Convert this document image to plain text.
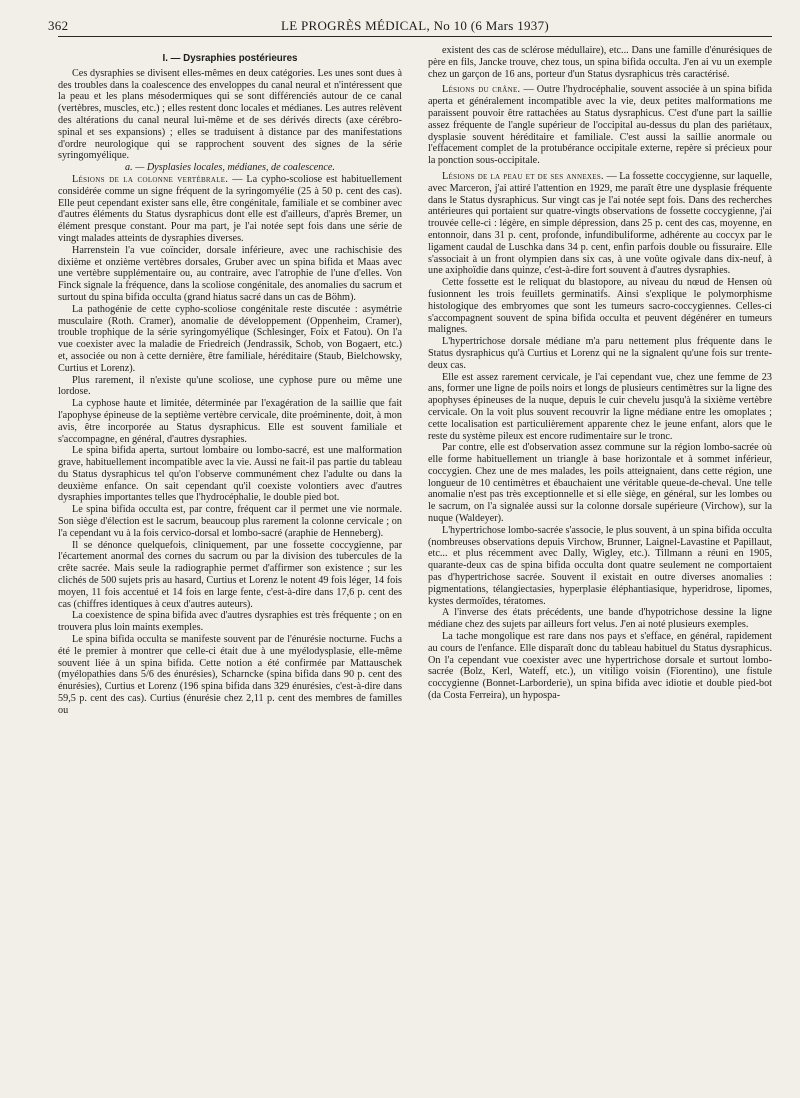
362	LE PROGRÈS MÉDICAL, No 10 (6 Mars 1937)
I. — Dysraphies postérieures

Ces dysraphies se divisent elles-mêmes en deux catégories. Les unes sont dues à des troubles dans la coalescence des enveloppes du canal neural et n'intéressent que la peau et les plans mésodermiques qui se sont différenciés autour de ce canal (vertèbres, muscles, etc.) ; elles restent donc locales et médianes. Les autres relèvent des altérations du canal neural lui-même et de ses dérivés directs (axe cérébro-spinal et ses expansions) ; elles se traduisent à distance par des manifestations d'ordre neurologique qui se rapprochent souvent des signes de la série syringomyélique.

a. — Dysplasies locales, médianes, de coalescence.

Lésions de la colonne vertébrale. — La cypho-scoliose est habituellement considérée comme un signe fréquent de la syringomyélie (25 à 50 p. cent des cas). Elle peut cependant exister sans elle, être congénitale, familiale et se combiner avec d'autres éléments du Status dysraphicus dont elle est d'ailleurs, d'après Bremer, un élément presque constant. Pour ma part, je l'ai notée sept fois dans une série de vingt malades atteints de dysraphies diverses.

Harrenstein l'a vue coïncider, dorsale inférieure, avec une rachischisie des dixième et onzième vertèbres dorsales, Gruber avec un spina bifida et Maas avec une vertèbre supplémentaire ou, au contraire, avec l'atrophie de l'une d'elles. Von Finck signale la fréquence, dans la scoliose congénitale, des anomalies du sacrum et surtout du spina bifida occulta (grand hiatus sacré dans un cas de Böhm).

La pathogénie de cette cypho-scoliose congénitale reste discutée : asymétrie musculaire (Roth. Cramer), anomalie de développement (Oppenheim, Cramer), trouble trophique de la série syringomyélique (Schlesinger, Foix et Fatou). On l'a vue coexister avec la maladie de Friedreich (Jendrassik, Schob, von Bogaert, etc.) et, associée ou non à cette dernière, être familiale, héréditaire (Staub, Bielchowsky, Curtius et Lorenz).

Plus rarement, il n'existe qu'une scoliose, une cyphose pure ou même une lordose.

La cyphose haute et limitée, déterminée par l'exagération de la saillie que fait l'apophyse épineuse de la septième vertèbre cervicale, dite proéminente, doit, à mon avis, être incorporée au Status dysraphicus. Elle est souvent familiale et s'accompagne, en général, d'autres dysraphies.

Le spina bifida aperta, surtout lombaire ou lombo-sacré, est une malformation grave, habituellement incompatible avec la vie. Aussi ne fait-il pas partie du tableau du Status dysraphicus tel qu'on l'observe communément chez l'adulte ou dans la deuxième enfance. On sait cependant qu'il coexiste volontiers avec d'autres dysraphies importantes telles que l'hydrocéphalie, le double pied bot.

Le spina bifida occulta est, par contre, fréquent car il permet une vie normale. Son siège d'élection est le sacrum, beaucoup plus rarement la colonne cervicale ; on l'a cependant vu à la fois cervico-dorsal et lombo-sacré (araphie de Henneberg).

Il se dénonce quelquefois, cliniquement, par une fossette coccygienne, par l'écartement anormal des cornes du sacrum ou par la division des tubercules de la crête sacrée. Mais seule la radiographie permet d'affirmer son existence ; sur les clichés de 500 sujets pris au hasard, Curtius et Lorenz le notent 49 fois léger, 14 fois moyen, 11 fois accentué et 14 fois en large fente, c'est-à-dire dans 17,6 p. cent des cas (chiffres identiques à ceux d'autres auteurs).

La coexistence de spina bifida avec d'autres dysraphies est très fréquente ; on en trouvera plus loin maints exemples.

Le spina bifida occulta se manifeste souvent par de l'énurésie nocturne. Fuchs a été le premier à montrer que celle-ci était due à une myélodysplasie, elle-même souvent liée à un spina bifida. Cette notion a été confirmée par Mattauschek (myélopathies dans 5/6 des énurésies), Scharncke (spina bifida dans 90 p. cent des énurésies), Curtius et Lorenz (196 spina bifida dans 329 énurésies, c'est-à-dire dans 59,5 p. cent des cas). Curtius (énurésie chez 2,11 p. cent des membres de familles ou

existent des cas de sclérose médullaire), etc... Dans une famille d'énurésiques de père en fils, Jancke trouve, chez tous, un spina bifida occulta. J'en ai vu un exemple chez un garçon de 16 ans, porteur d'un Status dysraphicus très caractérisé.

Lésions du crâne. — Outre l'hydrocéphalie, souvent associée à un spina bifida aperta et généralement incompatible avec la vie, deux petites malformations me paraissent pouvoir être rattachées au Status dysraphicus. C'est d'une part la saillie assez fréquente de l'angle supérieur de l'occipital au-dessus du plan des pariétaux, dysplasie souvent héréditaire et familiale. C'est aussi la saillie anormale ou l'effacement complet de la protubérance occipitale externe, repère si précieux pour la ponction sous-occipitale.

Lésions de la peau et de ses annexes. — La fossette coccygienne, sur laquelle, avec Marceron, j'ai attiré l'attention en 1929, me paraît être une dysplasie fréquente dans le Status dysraphicus. Sur vingt cas je l'ai notée sept fois. Dans des recherches antérieures qui portaient sur quatre-vingts observations de fossette coccygienne, j'ai trouvée celle-ci : légère, en simple dépression, dans 25 p. cent des cas, moyenne, en entonnoir, dans 31 p. cent, profonde, infundibuliforme, adhérente au coccyx par le ligament caudal de Luschka dans 34 p. cent, enfin parfois double ou fissuraire. Elle s'associait à un front olympien dans six cas, à une voûte ogivale dans dix-neuf, à une axiphoïdie dans quinze, c'est-à-dire fort souvent à d'autres dysraphies.

Cette fossette est le reliquat du blastopore, au niveau du nœud de Hensen où fusionnent les trois feuillets germinatifs. Ainsi s'explique le polymorphisme histologique des embryomes que sont les tumeurs sacro-coccygiennes. Celles-ci s'accompagnent souvent de spina bifida occulta et peuvent dégénérer en tumeurs malignes.

L'hypertrichose dorsale médiane m'a paru nettement plus fréquente dans le Status dysraphicus qu'à Curtius et Lorenz qui ne la signalent qu'une fois sur trente-deux cas.

Elle est assez rarement cervicale, je l'ai cependant vue, chez une femme de 23 ans, former une ligne de poils noirs et longs de plusieurs centimètres sur la ligne des apophyses épineuses de la nuque, depuis le cuir chevelu jusqu'à la sixième vertèbre cervicale. On la voit plus souvent recouvrir la ligne médiane entre les omoplates ; cette localisation est particulièrement apparente chez le jeune enfant, alors que le reste du système pileux est encore rudimentaire sur le tronc.

Par contre, elle est d'observation assez commune sur la région lombo-sacrée où elle forme habituellement un triangle à base horizontale et à sommet inférieur, coccygien. Chez une de mes malades, les poils atteignaient, dans cette région, une longueur de 10 centimètres et ébauchaient une véritable queue-de-cheval. Une telle anomalie n'est pas très exceptionnelle et si elle siège, en général, sur les lombes ou le sacrum, on l'a signalée aussi sur la colonne dorsale supérieure (Virchow), sur la nuque (Waldeyer).

L'hypertrichose lombo-sacrée s'associe, le plus souvent, à un spina bifida occulta (nombreuses observations depuis Virchow, Brunner, Laignel-Lavastine et Papillaut, etc... et plus récemment avec Dally, Wigley, etc.). Tillmann a réuni en 1905, quarante-deux cas de spina bifida occulta dont quatre seulement ne comportaient pas d'hypertrichose sacrée. Souvent il existait en outre diverses anomalies : pigmentations, télangiectasies, hyperplasie éléphantiasique, hyperidrose, lipomes, kystes dermoïdes, tératomes.

A l'inverse des états précédents, une bande d'hypotrichose dessine la ligne médiane chez des sujets par ailleurs fort velus. J'en ai noté plusieurs exemples.

La tache mongolique est rare dans nos pays et s'efface, en général, rapidement au cours de l'enfance. Elle disparaît donc du tableau habituel du Status dysraphicus. On l'a cependant vue coexister avec une hypertrichose dorsale et surtout lombo-sacrée (Bolz, Kerl, Wateff, etc.), un vitiligo voisin (Fiorentino), une fistule coccygienne (Bonnet-Larborderie), un spina bifida avec idiotie et double pied-bot (da Costa Ferreira), un hypospa-
